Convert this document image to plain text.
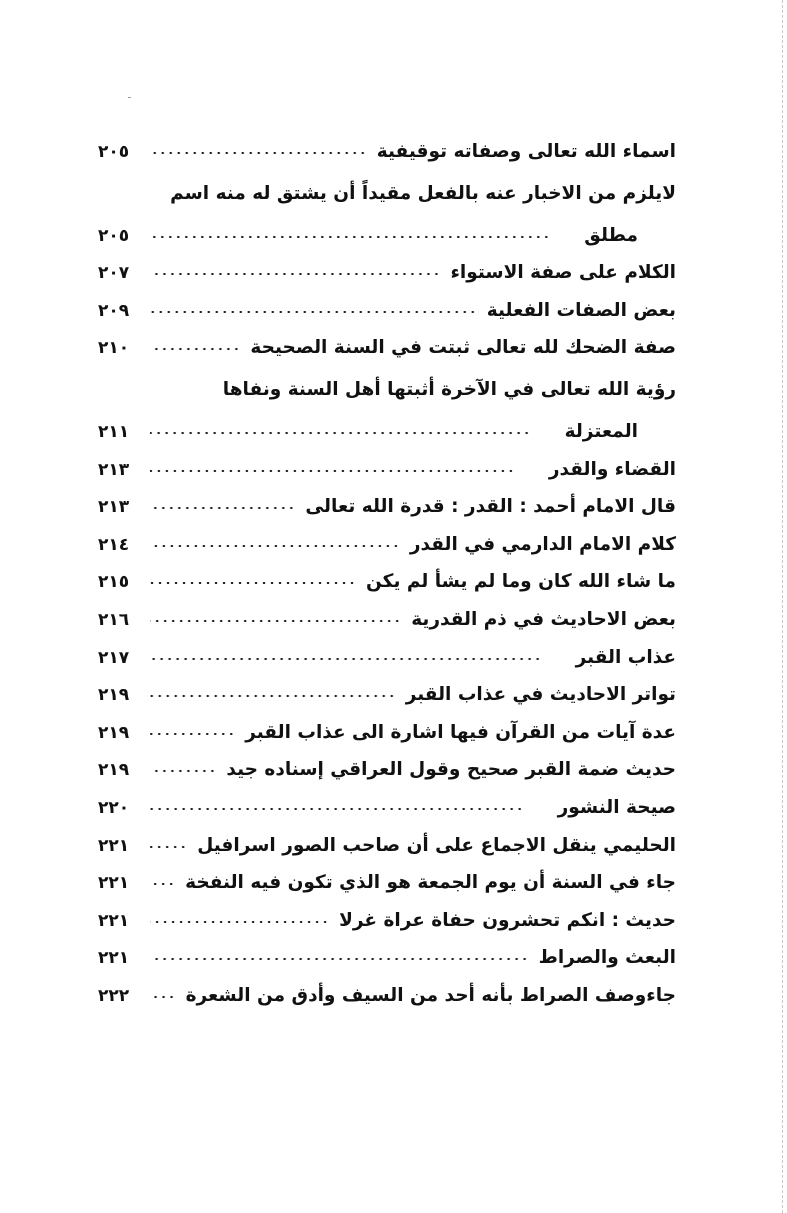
اسماء الله تعالى وصفاته توقيفية
٢٠٥
لايلزم من الاخبار عنه بالفعل مقيداً أن يشتق له منه اسم
مطلق
٢٠٥
الكلام على صفة الاستواء
٢٠٧
بعض الصفات الفعلية
٢٠٩
صفة الضحك لله تعالى ثبتت في السنة الصحيحة
٢١٠
رؤية الله تعالى في الآخرة أثبتها أهل السنة ونفاها
المعتزلة
٢١١
القضاء والقدر
٢١٣
قال الامام أحمد : القدر : قدرة الله تعالى
٢١٣
كلام الامام الدارمي في القدر
٢١٤
ما شاء الله كان وما لم يشأ لم يكن
٢١٥
بعض الاحاديث في ذم القدرية
٢١٦
عذاب القبر
٢١٧
تواتر الاحاديث في عذاب القبر
٢١٩
عدة آيات من القرآن فيها اشارة الى عذاب القبر
٢١٩
حديث ضمة القبر صحيح وقول العراقي إسناده جيد
٢١٩
صيحة النشور
٢٢٠
الحليمي ينقل الاجماع على أن صاحب الصور اسرافيل
٢٢١
جاء في السنة أن يوم الجمعة هو الذي تكون فيه النفخة
٢٢١
حديث : انكم تحشرون حفاة عراة غرلا
٢٢١
البعث والصراط
٢٢١
جاءوصف الصراط بأنه أحد من السيف وأدق من الشعرة
٢٢٢
